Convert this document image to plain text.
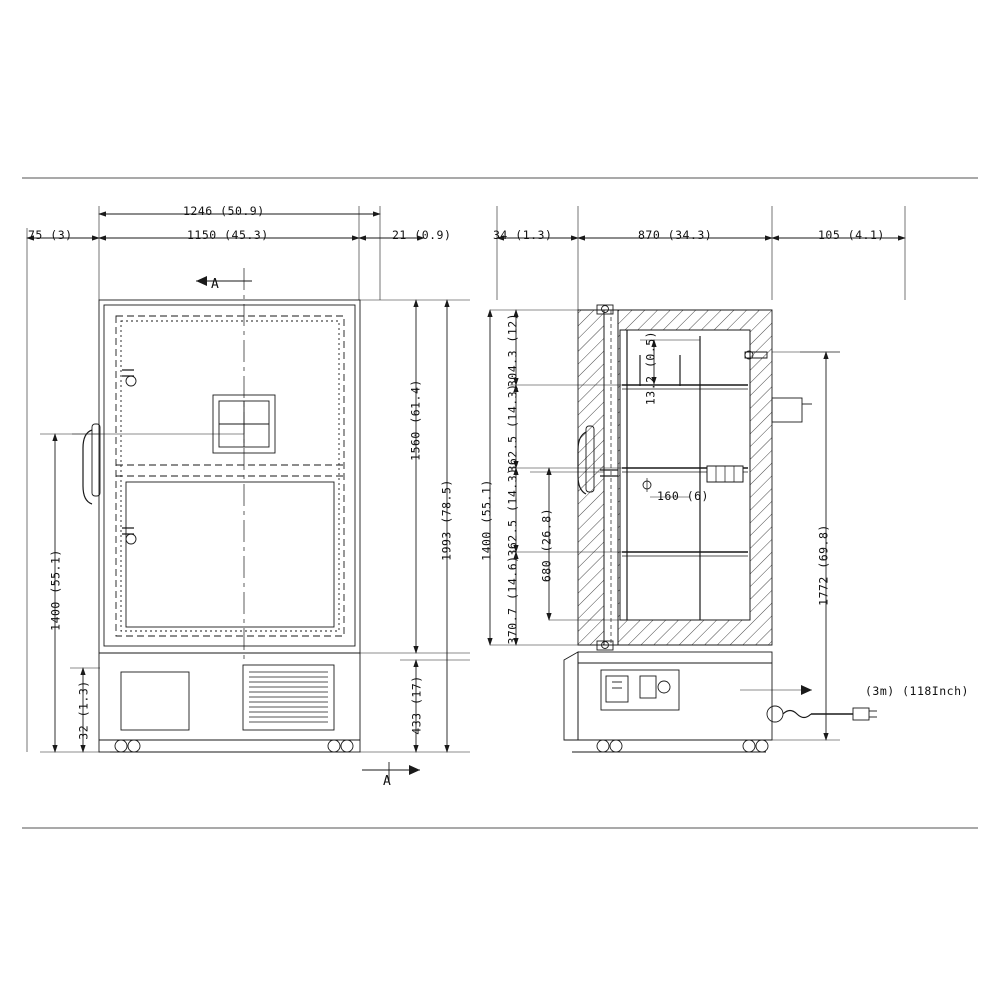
1246 (50.9)
1150 (45.3)
75 (3)	21 (0.9)
1560 (61.4)
1993 (78.5)
433 (17)
1400 (55.1)
32 (1.3)
A
A
34 (1.3)	870 (34.3)	105 (4.1)
304.3 (12)
362.5 (14.3)
362.5 (14.3)
370.7 (14.6)
1400 (55.1)	680 (26.8)
13.2 (0.5)
160 (6)
1772 (69.8)
(3m) (118Inch)
